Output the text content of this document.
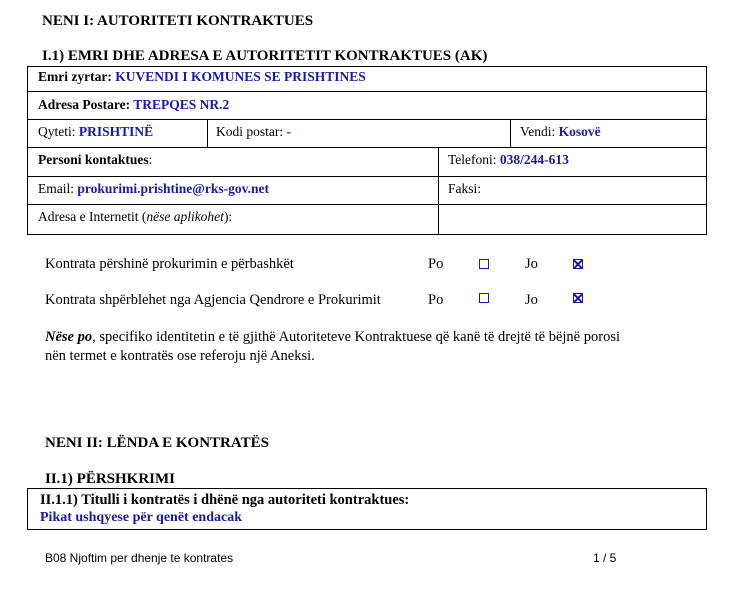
NENI I: AUTORITETI KONTRAKTUES
I.1) EMRI DHE ADRESA E AUTORITETIT KONTRAKTUES (AK)
Emri zyrtar: KUVENDI I KOMUNES SE PRISHTINES
Adresa Postare: TREPQES NR.2
Qyteti: PRISHTINË	Kodi postar: -	Vendi: Kosovë
Personi kontaktues:	Telefoni: 038/244-613
Email: prokurimi.prishtine@rks-gov.net	Faksi:
Adresa e Internetit (nëse aplikohet):
Kontrata përshinë prokurimin e përbashkët	Po	Jo
Kontrata shpërblehet nga Agjencia Qendrore e Prokurimit	Po	Jo
Nëse po, specifiko identitetin e të gjithë Autoriteteve Kontraktuese që kanë të drejtë të bëjnë porosi
nën termet e kontratës ose referoju një Aneksi.
NENI II: LËNDA E KONTRATËS
II.1) PËRSHKRIMI
II.1.1) Titulli i kontratës i dhënë nga autoriteti kontraktues:
Pikat ushqyese për qenët endacak
B08 Njoftim per dhenje te kontrates	1 / 5
